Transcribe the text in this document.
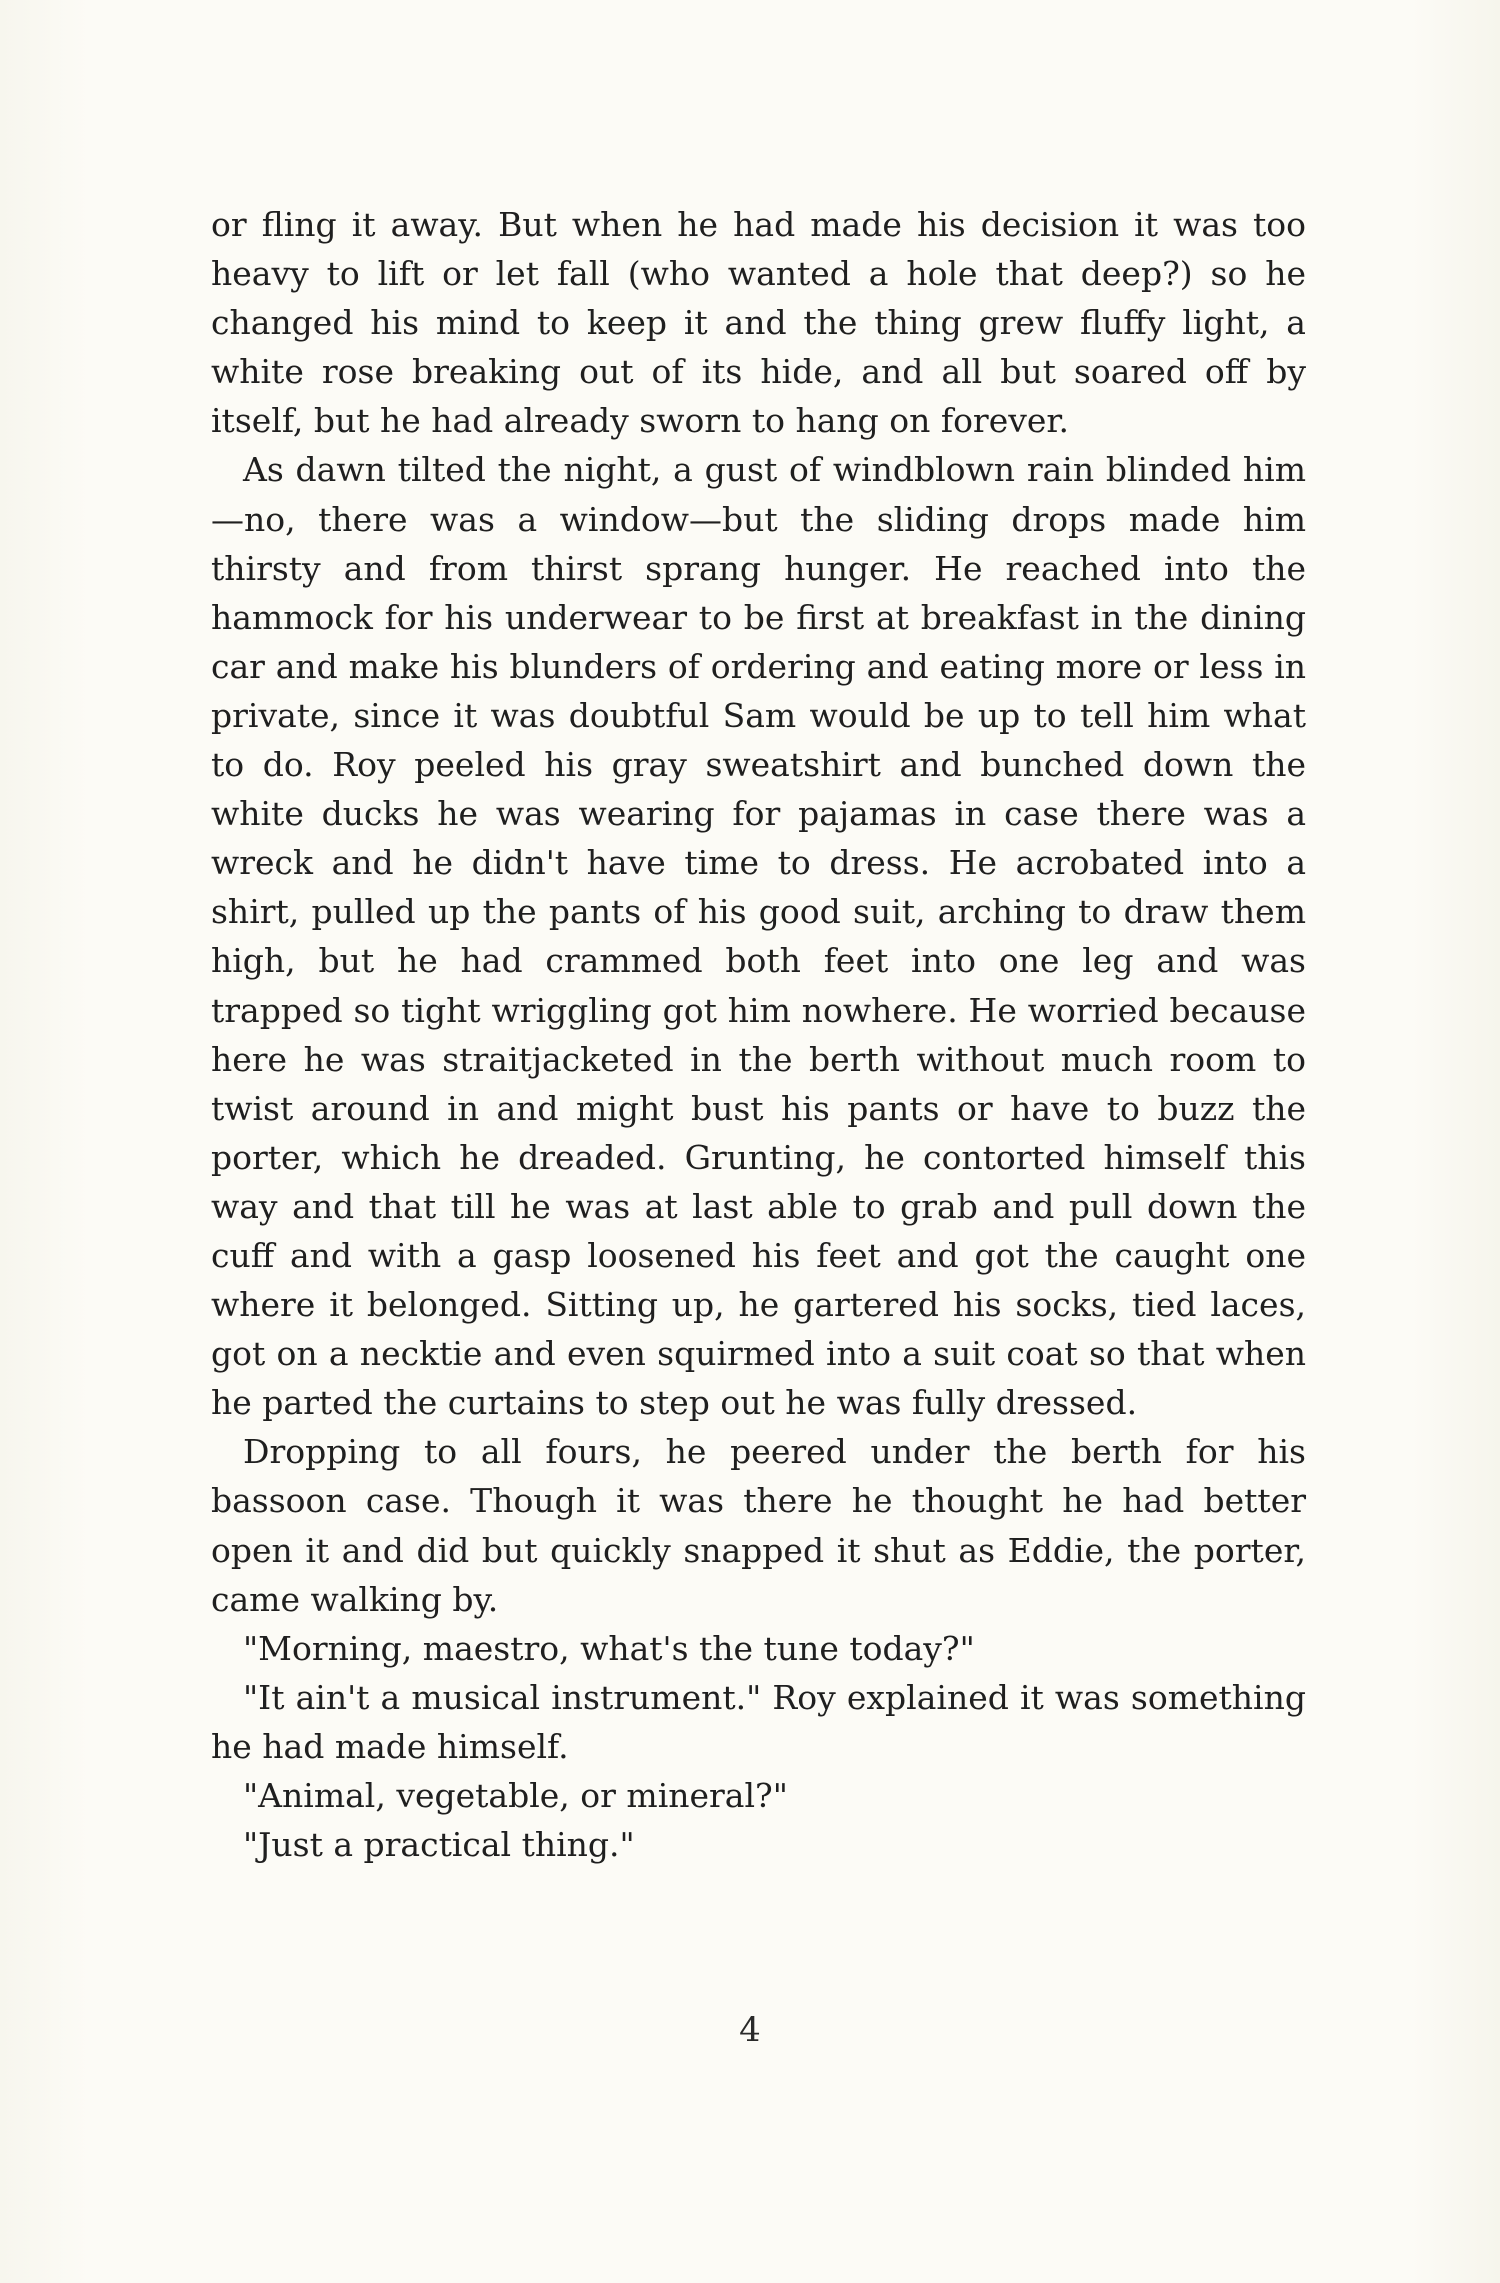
or fling it away. But when he had made his decision it was too heavy to lift or let fall (who wanted a hole that deep?) so he changed his mind to keep it and the thing grew fluffy light, a white rose breaking out of its hide, and all but soared off by itself, but he had already sworn to hang on forever.

As dawn tilted the night, a gust of windblown rain blinded him—no, there was a window—but the sliding drops made him thirsty and from thirst sprang hunger. He reached into the hammock for his underwear to be first at breakfast in the dining car and make his blunders of ordering and eating more or less in private, since it was doubtful Sam would be up to tell him what to do. Roy peeled his gray sweatshirt and bunched down the white ducks he was wearing for pajamas in case there was a wreck and he didn't have time to dress. He acrobated into a shirt, pulled up the pants of his good suit, arching to draw them high, but he had crammed both feet into one leg and was trapped so tight wriggling got him nowhere. He worried because here he was straitjacketed in the berth without much room to twist around in and might bust his pants or have to buzz the porter, which he dreaded. Grunting, he contorted himself this way and that till he was at last able to grab and pull down the cuff and with a gasp loosened his feet and got the caught one where it belonged. Sitting up, he gartered his socks, tied laces, got on a necktie and even squirmed into a suit coat so that when he parted the curtains to step out he was fully dressed.

Dropping to all fours, he peered under the berth for his bassoon case. Though it was there he thought he had better open it and did but quickly snapped it shut as Eddie, the porter, came walking by.

"Morning, maestro, what's the tune today?"

"It ain't a musical instrument." Roy explained it was something he had made himself.

"Animal, vegetable, or mineral?"

"Just a practical thing."

4
